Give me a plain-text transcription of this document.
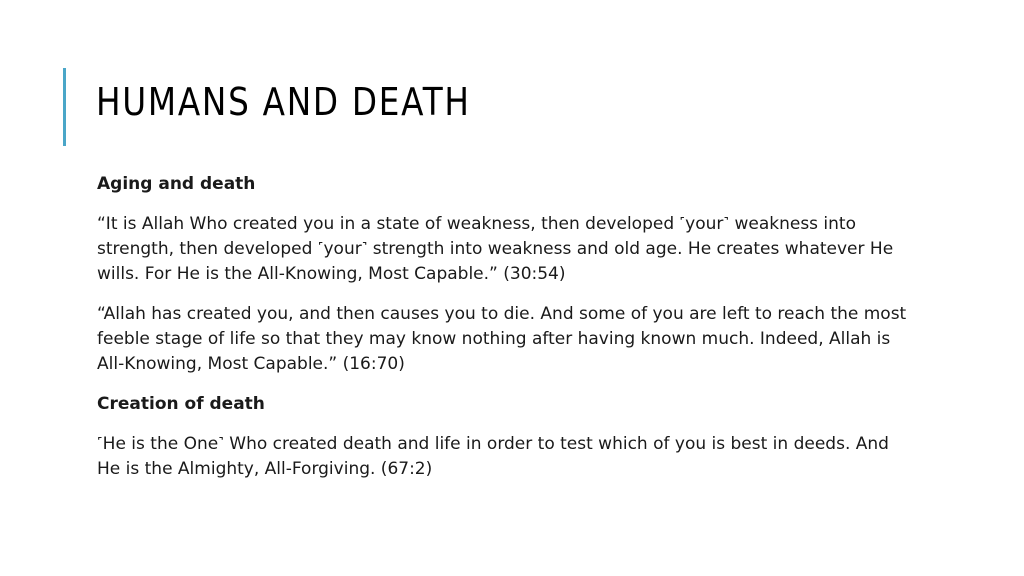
HUMANS AND DEATH

Aging and death

“It is Allah Who created you in a state of weakness, then developed ˹your˺ weakness into strength, then developed ˹your˺ strength into weakness and old age. He creates whatever He wills. For He is the All-Knowing, Most Capable.” (30:54)

“Allah has created you, and then causes you to die. And some of you are left to reach the most feeble stage of life so that they may know nothing after having known much. Indeed, Allah is All-Knowing, Most Capable.” (16:70)

Creation of death

˹He is the One˺ Who created death and life in order to test which of you is best in deeds. And He is the Almighty, All-Forgiving. (67:2)
